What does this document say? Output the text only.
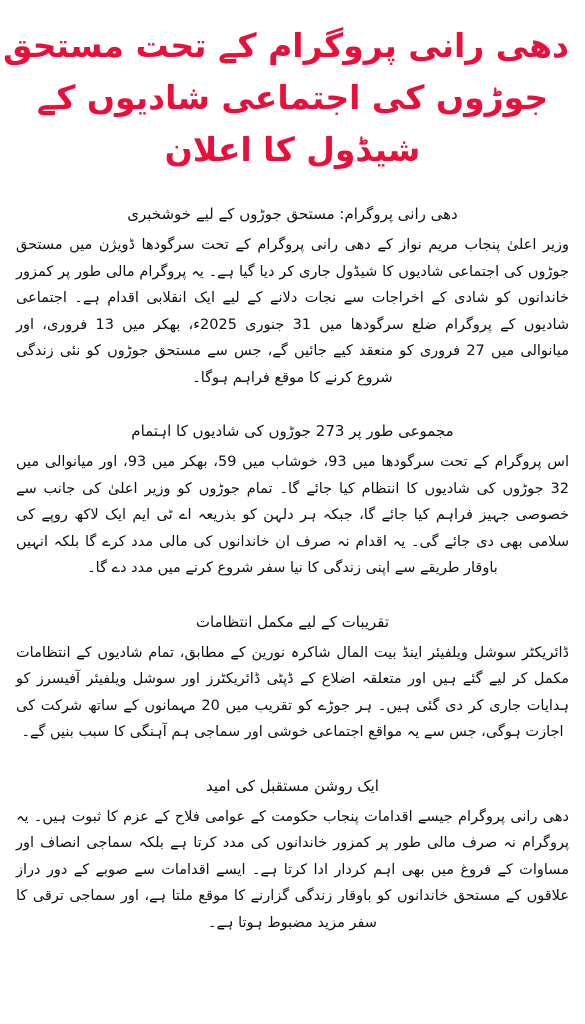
دھی رانی پروگرام کے تحت مستحق
جوڑوں کی اجتماعی شادیوں کے
شیڈول کا اعلان
دھی رانی پروگرام: مستحق جوڑوں کے لیے خوشخبری

وزیر اعلیٰ پنجاب مریم نواز کے دھی رانی پروگرام کے تحت سرگودھا ڈویژن میں مستحق جوڑوں کی اجتماعی شادیوں کا شیڈول جاری کر دیا گیا ہے۔ یہ پروگرام مالی طور پر کمزور خاندانوں کو شادی کے اخراجات سے نجات دلانے کے لیے ایک انقلابی اقدام ہے۔ اجتماعی شادیوں کے پروگرام ضلع سرگودھا میں 31 جنوری 2025ء، بھکر میں 13 فروری، اور میانوالی میں 27 فروری کو منعقد کیے جائیں گے، جس سے مستحق جوڑوں کو نئی زندگی شروع کرنے کا موقع فراہم ہوگا۔

مجموعی طور پر 273 جوڑوں کی شادیوں کا اہتمام

اس پروگرام کے تحت سرگودھا میں 93، خوشاب میں 59، بھکر میں 93، اور میانوالی میں 32 جوڑوں کی شادیوں کا انتظام کیا جائے گا۔ تمام جوڑوں کو وزیر اعلیٰ کی جانب سے خصوصی جہیز فراہم کیا جائے گا، جبکہ ہر دلہن کو بذریعہ اے ٹی ایم ایک لاکھ روپے کی سلامی بھی دی جائے گی۔ یہ اقدام نہ صرف ان خاندانوں کی مالی مدد کرے گا بلکہ انہیں باوقار طریقے سے اپنی زندگی کا نیا سفر شروع کرنے میں مدد دے گا۔

تقریبات کے لیے مکمل انتظامات

ڈائریکٹر سوشل ویلفیئر اینڈ بیت المال شاکرہ نورین کے مطابق، تمام شادیوں کے انتظامات مکمل کر لیے گئے ہیں اور متعلقہ اضلاع کے ڈپٹی ڈائریکٹرز اور سوشل ویلفیئر آفیسرز کو ہدایات جاری کر دی گئی ہیں۔ ہر جوڑے کو تقریب میں 20 مہمانوں کے ساتھ شرکت کی اجازت ہوگی، جس سے یہ مواقع اجتماعی خوشی اور سماجی ہم آہنگی کا سبب بنیں گے۔

ایک روشن مستقبل کی امید

دھی رانی پروگرام جیسے اقدامات پنجاب حکومت کے عوامی فلاح کے عزم کا ثبوت ہیں۔ یہ پروگرام نہ صرف مالی طور پر کمزور خاندانوں کی مدد کرتا ہے بلکہ سماجی انصاف اور مساوات کے فروغ میں بھی اہم کردار ادا کرتا ہے۔ ایسے اقدامات سے صوبے کے دور دراز علاقوں کے مستحق خاندانوں کو باوقار زندگی گزارنے کا موقع ملتا ہے، اور سماجی ترقی کا سفر مزید مضبوط ہوتا ہے۔
